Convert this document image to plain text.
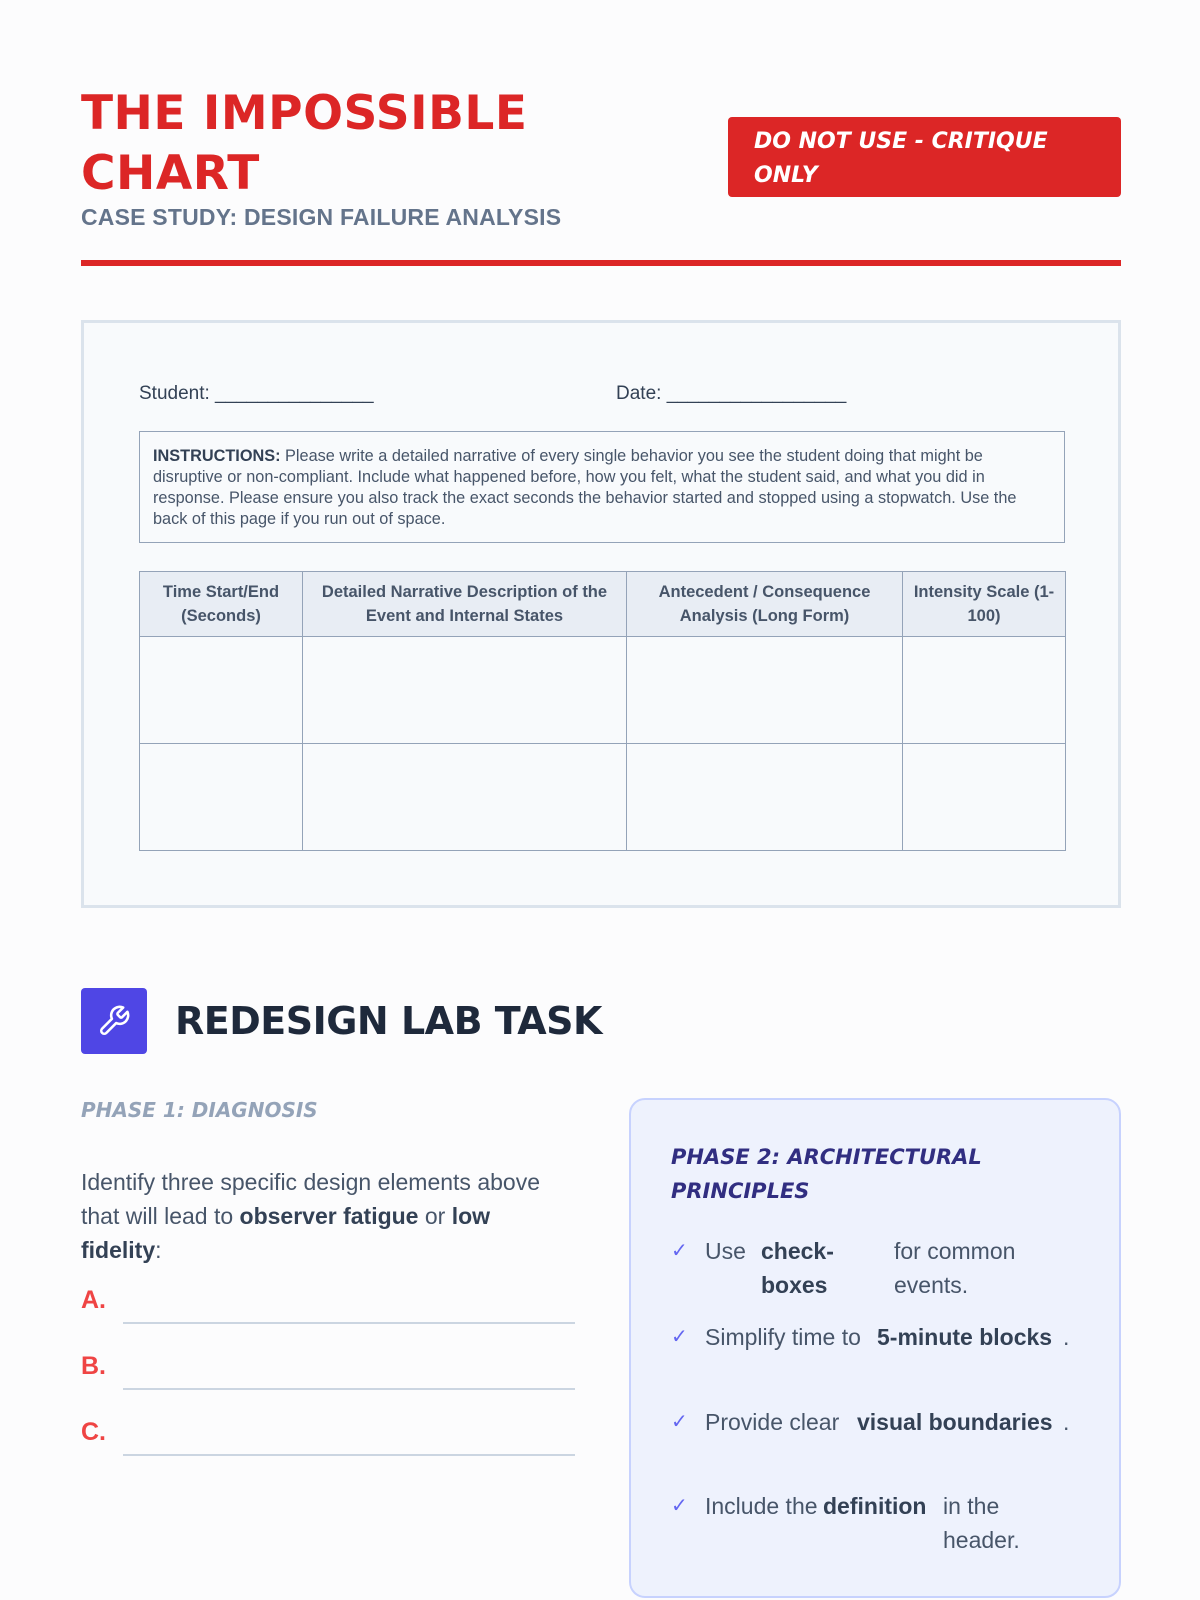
THE IMPOSSIBLE CHART
CASE STUDY: DESIGN FAILURE ANALYSIS
DO NOT USE - CRITIQUE ONLY
Student: _______________	Date: _________________
INSTRUCTIONS: Please write a detailed narrative of every single behavior you see the student doing that might be disruptive or non-compliant. Include what happened before, how you felt, what the student said, and what you did in response. Please ensure you also track the exact seconds the behavior started and stopped using a stopwatch. Use the back of this page if you run out of space.
Time Start/End (Seconds)	Detailed Narrative Description of the Event and Internal States	Antecedent / Consequence Analysis (Long Form)	Intensity Scale (1-100)

REDESIGN LAB TASK
PHASE 1: DIAGNOSIS
Identify three specific design elements above that will lead to observer fatigue or low fidelity:
A.
B.
C.
PHASE 2: ARCHITECTURAL PRINCIPLES
✓ Use check-boxes
for common events.
✓ Simplify time to 5-minute blocks .
✓ Provide clear visual boundaries .
✓ Include the definition in the header.
